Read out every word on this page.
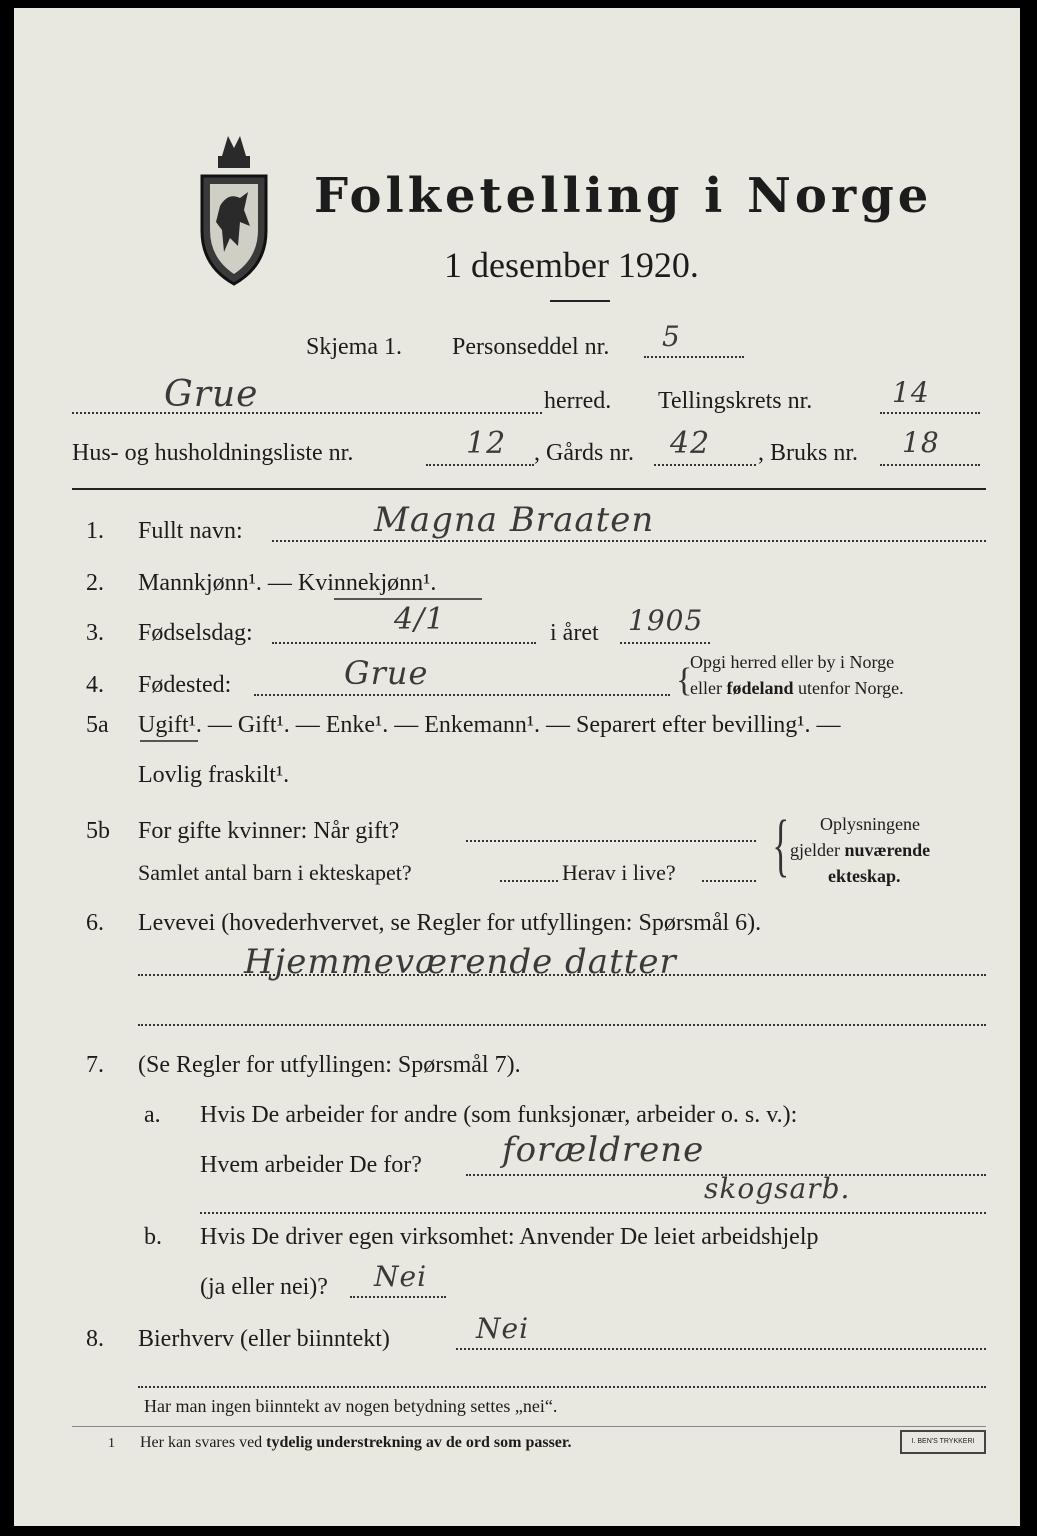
Folketelling i Norge
1 desember 1920.
Skjema 1. Personseddel nr. 5
Grue	herred. Tellingskrets nr.	14
Hus- og husholdningsliste nr.	12 , Gårds nr. 42 , Bruks nr. 18
1. Fullt navn:	Magna Braaten
2. Mannkjønn¹. — Kvinnekjønn¹.
3. Fødselsdag:	4/1	i året 1905
4. Fødested:	Grue	{
Opgi herred eller by i Norge
eller fødeland utenfor Norge.
5a Ugift¹. — Gift¹. — Enke¹. — Enkemann¹. — Separert efter bevilling¹. —
Lovlig fraskilt¹.
5b For gifte kvinner: Når gift?
Samlet antal barn i ekteskapet?	Herav i live? { Oplysningene
gjelder nuværende
ekteskap.
6. Levevei (hovederhvervet, se Regler for utfyllingen: Spørsmål 6).
Hjemmeværende datter
7. (Se Regler for utfyllingen: Spørsmål 7).
a. Hvis De arbeider for andre (som funksjonær, arbeider o. s. v.):
Hvem arbeider De for? forældrene
skogsarb.
b. Hvis De driver egen virksomhet: Anvender De leiet arbeidshjelp
(ja eller nei)? Nei
8. Bierhverv (eller biinntekt)	Nei
Har man ingen biinntekt av nogen betydning settes „nei“.
1 Her kan svares ved tydelig understrekning av de ord som passer.	I. BEN'S TRYKKERI
